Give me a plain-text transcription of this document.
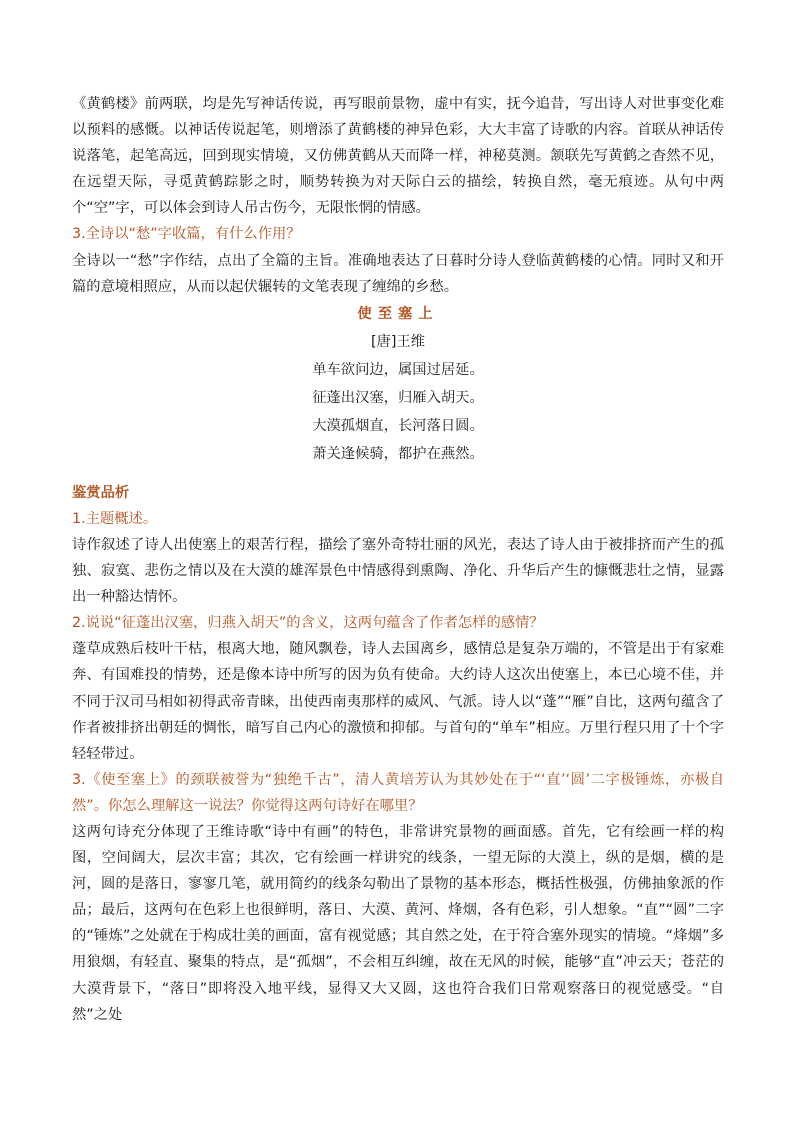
《黄鹤楼》前两联，均是先写神话传说，再写眼前景物，虚中有实，抚今追昔，写出诗人对世事变化难以预料的感慨。以神话传说起笔，则增添了黄鹤楼的神异色彩，大大丰富了诗歌的内容。首联从神话传说落笔，起笔高远，回到现实情境，又仿佛黄鹤从天而降一样，神秘莫测。颔联先写黄鹤之杳然不见，在远望天际，寻觅黄鹤踪影之时，顺势转换为对天际白云的描绘，转换自然，毫无痕迹。从句中两个“空”字，可以体会到诗人吊古伤今，无限怅惘的情感。

3.全诗以“愁”字收篇，有什么作用？

全诗以一“愁”字作结，点出了全篇的主旨。准确地表达了日暮时分诗人登临黄鹤楼的心情。同时又和开篇的意境相照应，从而以起伏辗转的文笔表现了缠绵的乡愁。

使至塞上
[唐]王维
单车欲问边，属国过居延。
征蓬出汉塞，归雁入胡天。
大漠孤烟直，长河落日圆。
萧关逢候骑，都护在燕然。

鉴赏品析

1.主题概述。

诗作叙述了诗人出使塞上的艰苦行程，描绘了塞外奇特壮丽的风光，表达了诗人由于被排挤而产生的孤独、寂寞、悲伤之情以及在大漠的雄浑景色中情感得到熏陶、净化、升华后产生的慷慨悲壮之情，显露出一种豁达情怀。

2.说说“征蓬出汉塞，归燕入胡天”的含义，这两句蕴含了作者怎样的感情？

蓬草成熟后枝叶干枯，根离大地，随风飘卷，诗人去国离乡，感情总是复杂万端的，不管是出于有家难奔、有国难投的情势，还是像本诗中所写的因为负有使命。大约诗人这次出使塞上，本已心境不佳，并不同于汉司马相如初得武帝青睐，出使西南夷那样的威风、气派。诗人以“蓬”“雁”自比，这两句蕴含了作者被排挤出朝廷的惆怅，暗写自己内心的激愤和抑郁。与首句的“单车”相应。万里行程只用了十个字轻轻带过。

3.《使至塞上》的颈联被誉为“独绝千古”，清人黄培芳认为其妙处在于“‘直’‘圆’二字极锤炼，亦极自然”。你怎么理解这一说法？你觉得这两句诗好在哪里？

这两句诗充分体现了王维诗歌“诗中有画”的特色，非常讲究景物的画面感。首先，它有绘画一样的构图，空间阔大，层次丰富；其次，它有绘画一样讲究的线条，一望无际的大漠上，纵的是烟，横的是河，圆的是落日，寥寥几笔，就用简约的线条勾勒出了景物的基本形态，概括性极强，仿佛抽象派的作品；最后，这两句在色彩上也很鲜明，落日、大漠、黄河、烽烟，各有色彩，引人想象。“直”“圆”二字的“锤炼”之处就在于构成壮美的画面，富有视觉感；其自然之处，在于符合塞外现实的情境。“烽烟”多用狼烟，有轻直、聚集的特点，是“孤烟”，不会相互纠缠，故在无风的时候，能够“直”冲云天；苍茫的大漠背景下，“落日”即将没入地平线，显得又大又圆，这也符合我们日常观察落日的视觉感受。“自然”之处
